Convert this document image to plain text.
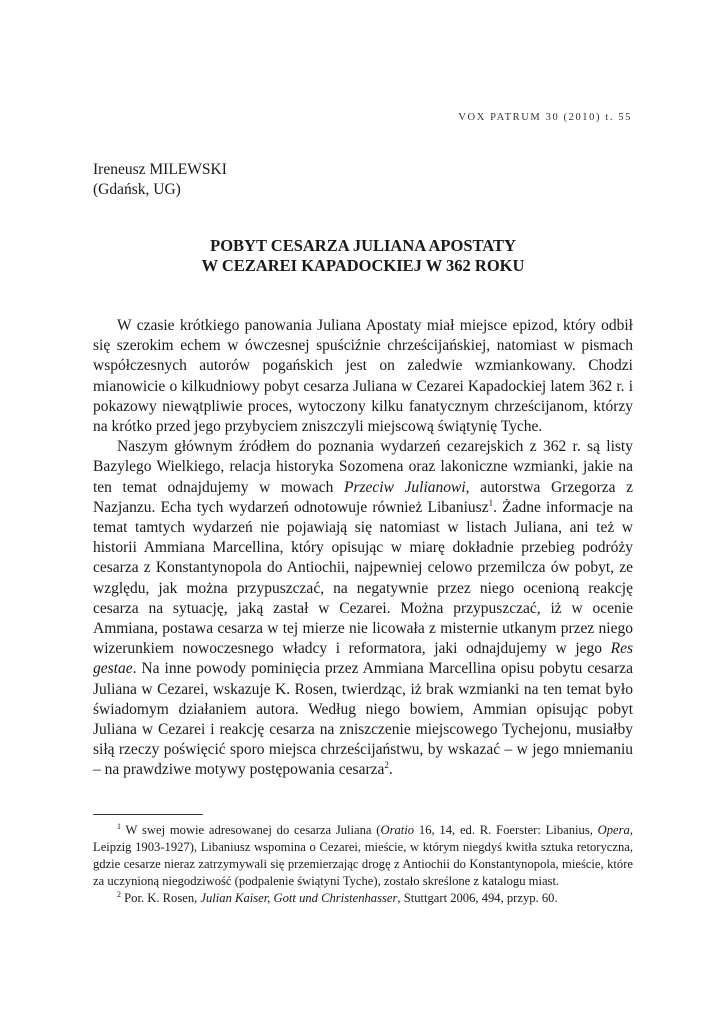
VOX PATRUM 30 (2010) t. 55
Ireneusz MILEWSKI
(Gdańsk, UG)
POBYT CESARZA JULIANA APOSTATY
W CEZAREI KAPADOCKIEJ W 362 ROKU

W czasie krótkiego panowania Juliana Apostaty miał miejsce epizod, który odbił się szerokim echem w ówczesnej spuściźnie chrześcijańskiej, natomiast w pismach współczesnych autorów pogańskich jest on zaledwie wzmiankowany. Chodzi mianowicie o kilkudniowy pobyt cesarza Juliana w Cezarei Kapadockiej latem 362 r. i pokazowy niewątpliwie proces, wytoczony kilku fanatycznym chrześcijanom, którzy na krótko przed jego przybyciem zniszczyli miejscową świątynię Tyche.

Naszym głównym źródłem do poznania wydarzeń cezarejskich z 362 r. są listy Bazylego Wielkiego, relacja historyka Sozomena oraz lakoniczne wzmianki, jakie na ten temat odnajdujemy w mowach Przeciw Julianowi, autorstwa Grzegorza z Nazjanzu. Echa tych wydarzeń odnotowuje również Libaniusz$^1$. Żadne informacje na temat tamtych wydarzeń nie pojawiają się natomiast w listach Juliana, ani też w historii Ammiana Marcellina, który opisując w miarę dokładnie przebieg podróży cesarza z Konstantynopola do Antiochii, najpewniej celowo przemilcza ów pobyt, ze względu, jak można przypuszczać, na negatywnie przez niego ocenioną reakcję cesarza na sytuację, jaką zastał w Cezarei. Można przypuszczać, iż w ocenie Ammiana, postawa cesarza w tej mierze nie licowała z misternie utkanym przez niego wizerunkiem nowoczesnego władcy i reformatora, jaki odnajdujemy w jego Res gestae. Na inne powody pominięcia przez Ammiana Marcellina opisu pobytu cesarza Juliana w Cezarei, wskazuje K. Rosen, twierdząc, iż brak wzmianki na ten temat było świadomym działaniem autora. Według niego bowiem, Ammian opisując pobyt Juliana w Cezarei i reakcję cesarza na zniszczenie miejscowego Tychejonu, musiałby siłą rzeczy poświęcić sporo miejsca chrześcijaństwu, by wskazać – w jego mniemaniu – na prawdziwe motywy postępowania cesarza$^2$.

$^1$ W swej mowie adresowanej do cesarza Juliana (Oratio 16, 14, ed. R. Foerster: Libanius, Opera, Leipzig 1903-1927), Libaniusz wspomina o Cezarei, mieście, w którym niegdyś kwitła sztuka retoryczna, gdzie cesarze nieraz zatrzymywali się przemierzając drogę z Antiochii do Konstantynopola, mieście, które za uczynioną niegodziwość (podpalenie świątyni Tyche), zostało skreślone z katalogu miast.

$^2$ Por. K. Rosen, Julian Kaiser, Gott und Christenhasser, Stuttgart 2006, 494, przyp. 60.
